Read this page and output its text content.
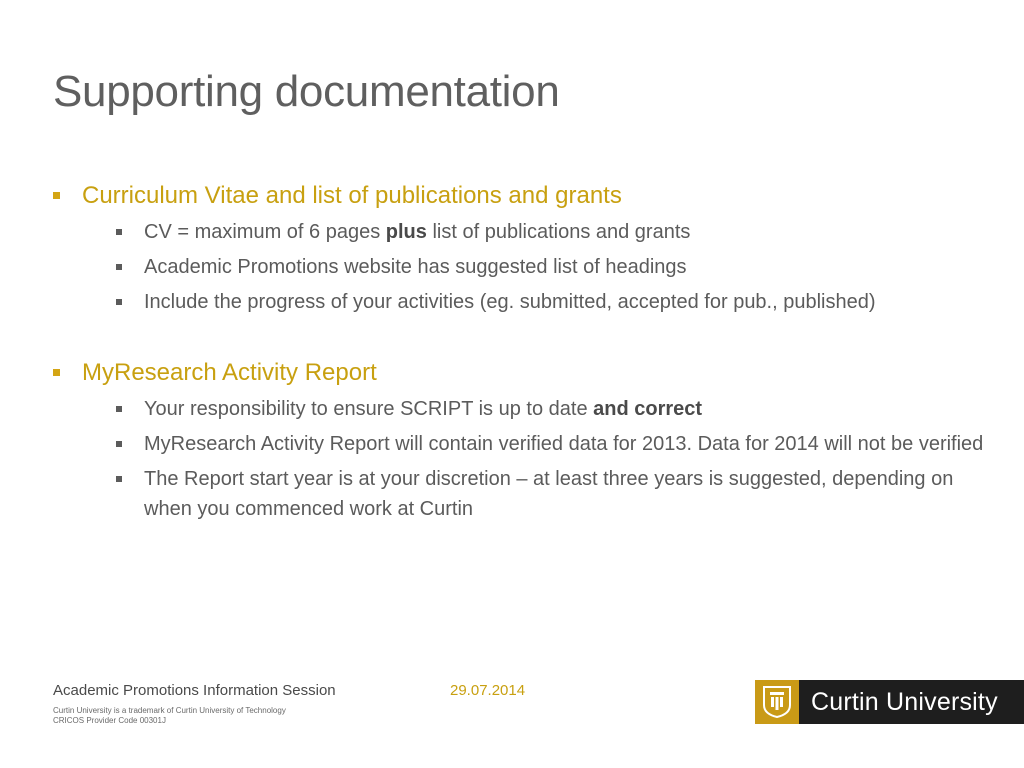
Supporting documentation
Curriculum Vitae and list of publications and grants
CV = maximum of 6 pages plus list of publications and grants
Academic Promotions website has suggested list of headings
Include the progress of your activities (eg. submitted, accepted for pub., published)
MyResearch Activity Report
Your responsibility to ensure SCRIPT is up to date and correct
MyResearch Activity Report will contain verified data for 2013. Data for 2014 will not be verified
The Report start year is at your discretion – at least three years is suggested, depending on when you commenced work at Curtin
Academic Promotions Information Session	29.07.2014
Curtin University is a trademark of Curtin University of Technology
CRICOS Provider Code 00301J
Curtin University
